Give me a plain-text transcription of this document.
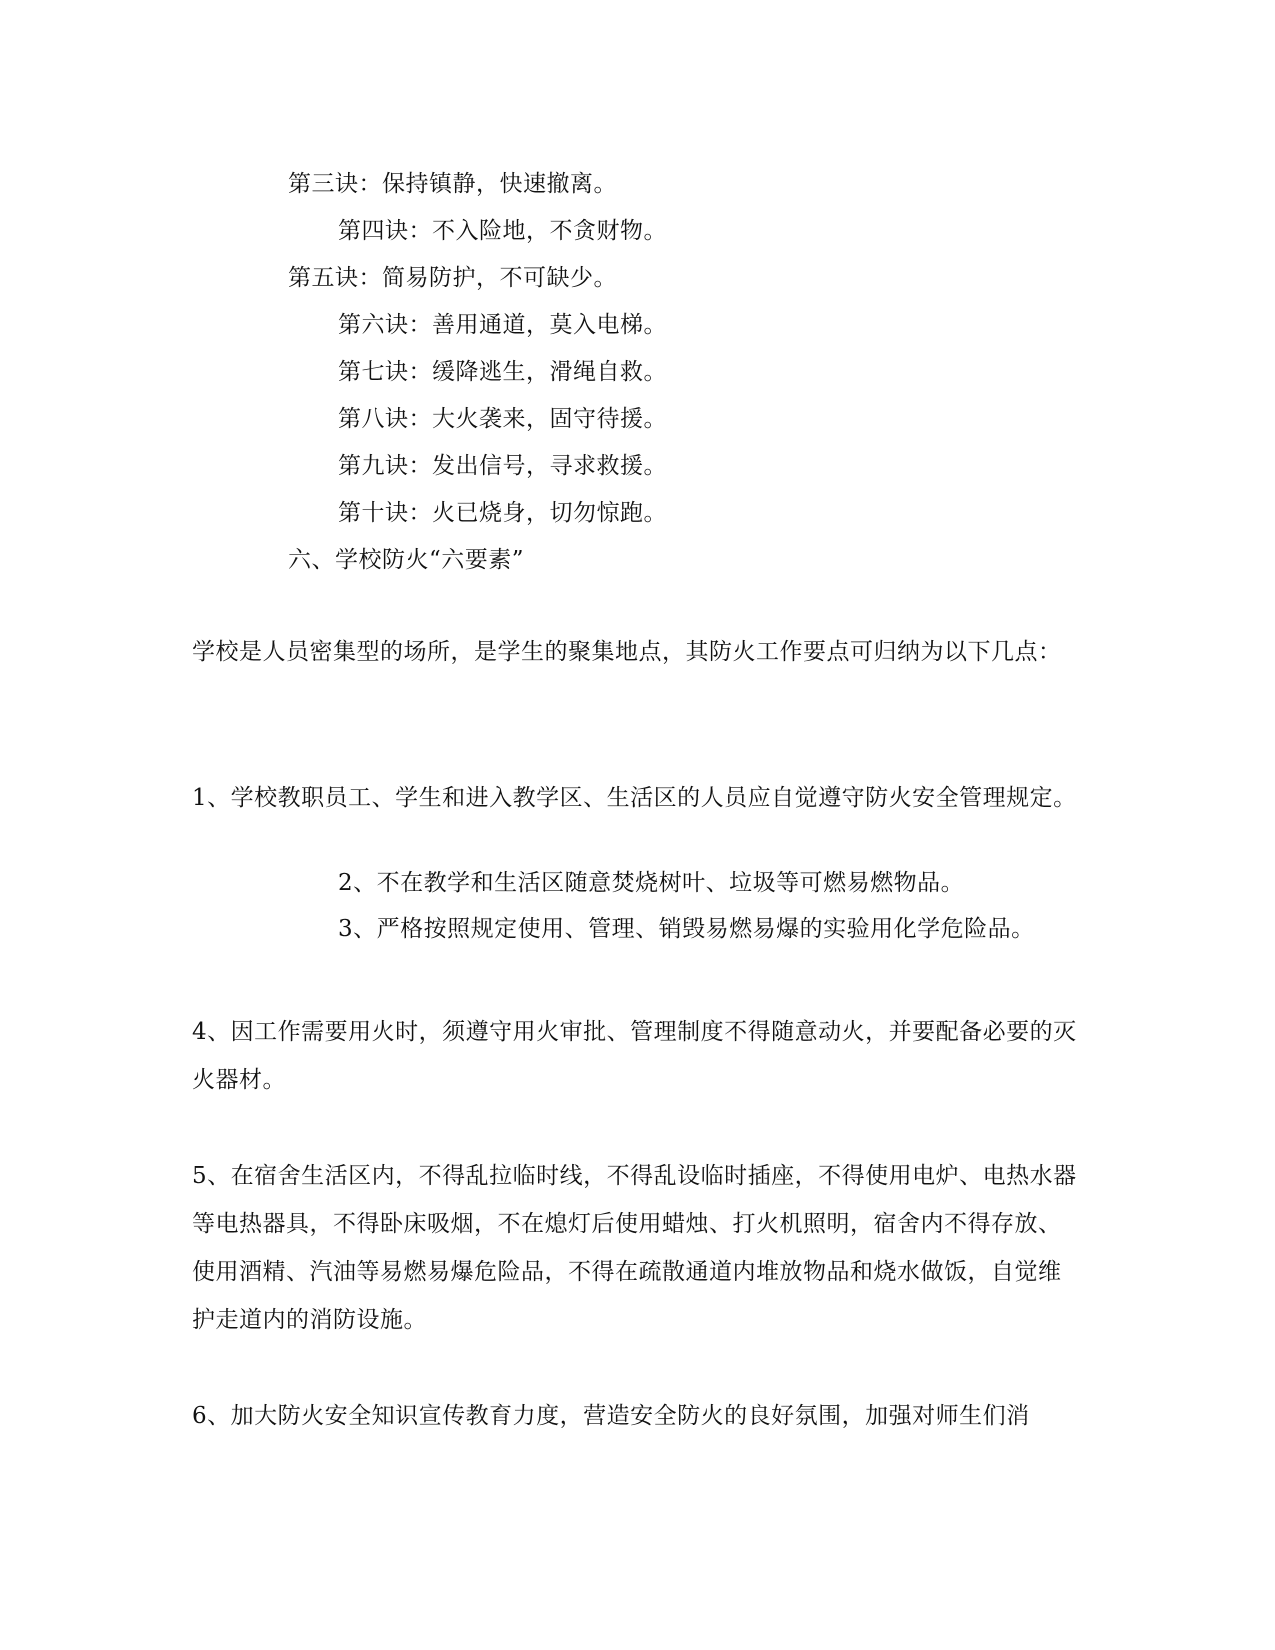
第三诀：保持镇静，快速撤离。
第四诀：不入险地，不贪财物。
第五诀：简易防护，不可缺少。
第六诀：善用通道，莫入电梯。
第七诀：缓降逃生，滑绳自救。
第八诀：大火袭来，固守待援。
第九诀：发出信号，寻求救援。
第十诀：火已烧身，切勿惊跑。
六、学校防火“六要素”

学校是人员密集型的场所，是学生的聚集地点，其防火工作要点可归纳为以下几点：

1、学校教职员工、学生和进入教学区、生活区的人员应自觉遵守防火安全管理规定。

2、不在教学和生活区随意焚烧树叶、垃圾等可燃易燃物品。
3、严格按照规定使用、管理、销毁易燃易爆的实验用化学危险品。

4、因工作需要用火时，须遵守用火审批、管理制度不得随意动火，并要配备必要的灭火器材。

5、在宿舍生活区内，不得乱拉临时线，不得乱设临时插座，不得使用电炉、电热水器等电热器具，不得卧床吸烟，不在熄灯后使用蜡烛、打火机照明，宿舍内不得存放、使用酒精、汽油等易燃易爆危险品，不得在疏散通道内堆放物品和烧水做饭，自觉维护走道内的消防设施。

6、加大防火安全知识宣传教育力度，营造安全防火的良好氛围，加强对师生们消
